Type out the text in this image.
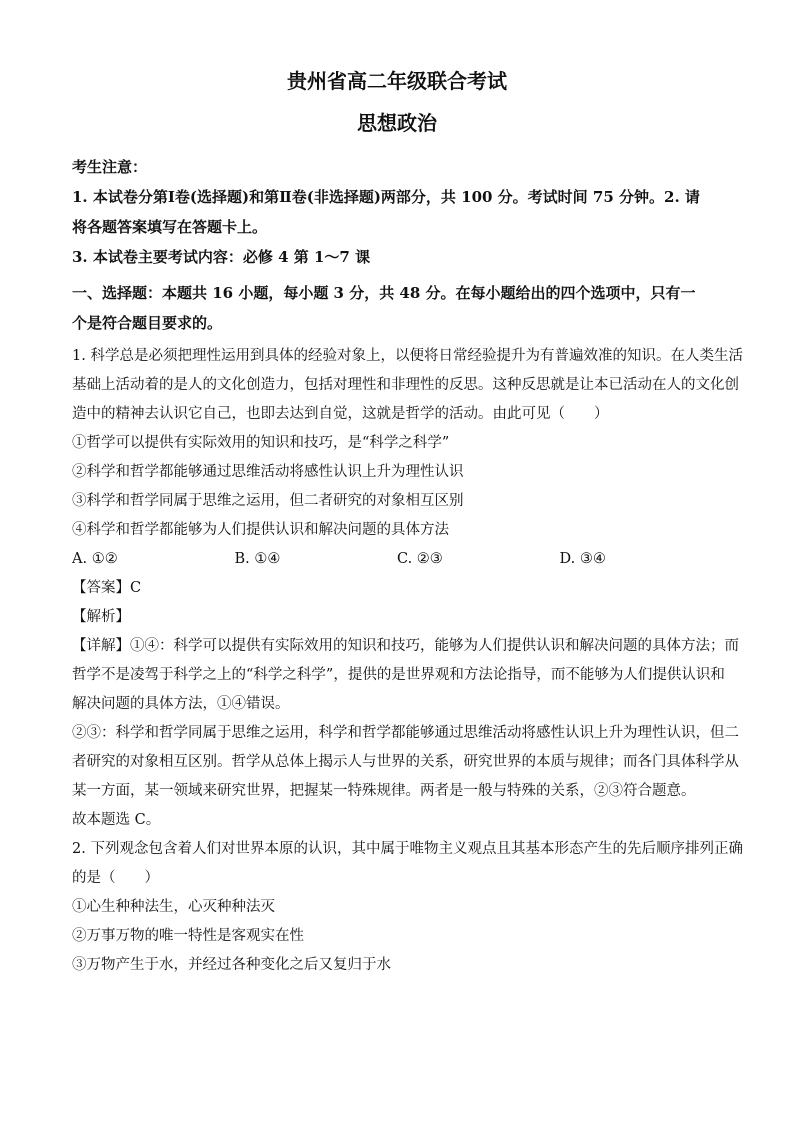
贵州省高二年级联合考试
思想政治

考生注意：

1. 本试卷分第Ⅰ卷(选择题)和第Ⅱ卷(非选择题)两部分，共 100 分。考试时间 75 分钟。2. 请

将各题答案填写在答题卡上。

3. 本试卷主要考试内容：必修 4 第 1～7 课

一、选择题：本题共 16 小题，每小题 3 分，共 48 分。在每小题给出的四个选项中，只有一

个是符合题目要求的。

1. 科学总是必须把理性运用到具体的经验对象上，以便将日常经验提升为有普遍效准的知识。在人类生活

基础上活动着的是人的文化创造力，包括对理性和非理性的反思。这种反思就是让本已活动在人的文化创

造中的精神去认识它自己，也即去达到自觉，这就是哲学的活动。由此可见（　　）

①哲学可以提供有实际效用的知识和技巧，是“科学之科学”

②科学和哲学都能够通过思维活动将感性认识上升为理性认识

③科学和哲学同属于思维之运用，但二者研究的对象相互区别

④科学和哲学都能够为人们提供认识和解决问题的具体方法

A. ①②	B. ①④	C. ②③	D. ③④

【答案】C

【解析】

【详解】①④：科学可以提供有实际效用的知识和技巧，能够为人们提供认识和解决问题的具体方法；而

哲学不是凌驾于科学之上的“科学之科学”，提供的是世界观和方法论指导，而不能够为人们提供认识和

解决问题的具体方法，①④错误。

②③：科学和哲学同属于思维之运用，科学和哲学都能够通过思维活动将感性认识上升为理性认识，但二

者研究的对象相互区别。哲学从总体上揭示人与世界的关系，研究世界的本质与规律；而各门具体科学从

某一方面，某一领域来研究世界，把握某一特殊规律。两者是一般与特殊的关系，②③符合题意。

故本题选 C。

2. 下列观念包含着人们对世界本原的认识，其中属于唯物主义观点且其基本形态产生的先后顺序排列正确

的是（　　）

①心生种种法生，心灭种种法灭

②万事万物的唯一特性是客观实在性

③万物产生于水，并经过各种变化之后又复归于水
